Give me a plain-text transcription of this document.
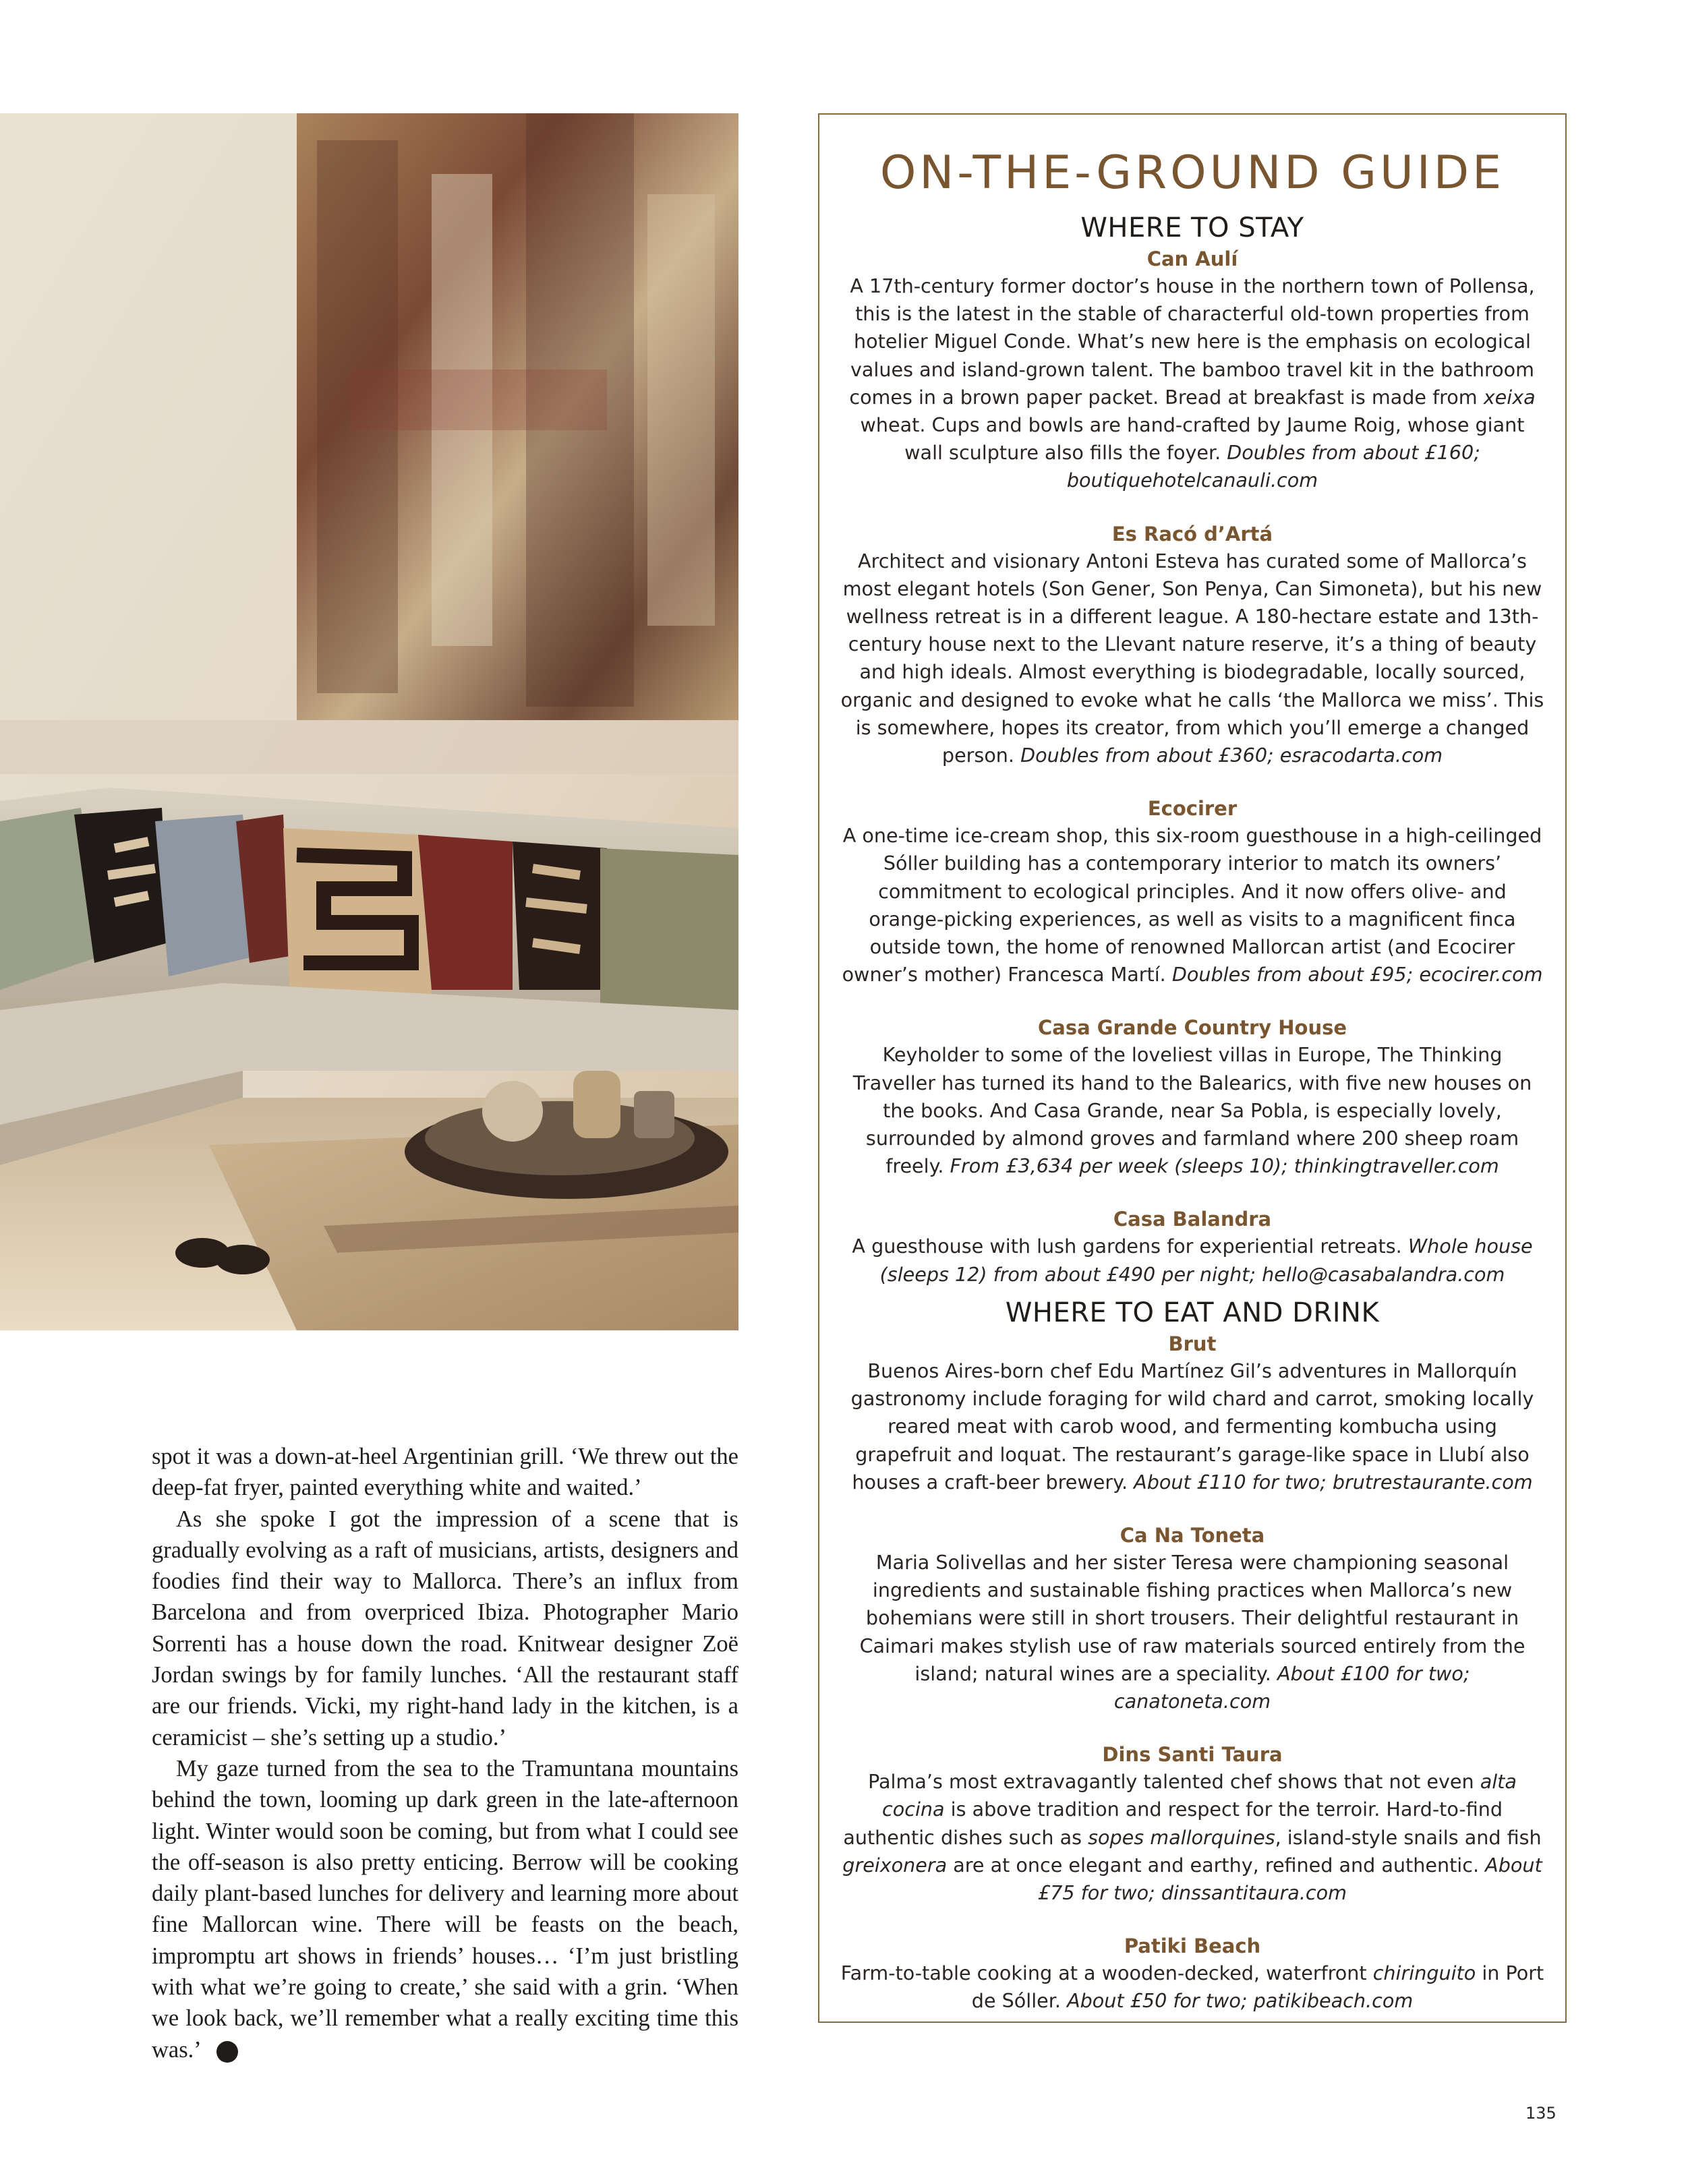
spot it was a down-at-heel Argentinian grill. ‘We threw out the deep-fat fryer, painted everything white and waited.’

As she spoke I got the impression of a scene that is gradually evolving as a raft of musicians, artists, designers and foodies find their way to Mallorca. There’s an influx from Barcelona and from overpriced Ibiza. Photographer Mario Sorrenti has a house down the road. Knitwear designer Zoë Jordan swings by for family lunches. ‘All the restaurant staff are our friends. Vicki, my right-hand lady in the kitchen, is a ceramicist – she’s setting up a studio.’

My gaze turned from the sea to the Tramuntana mountains behind the town, looming up dark green in the late-afternoon light. Winter would soon be coming, but from what I could see the off-season is also pretty enticing. Berrow will be cooking daily plant-based lunches for delivery and learning more about fine Mallorcan wine. There will be feasts on the beach, impromptu art shows in friends’ houses… ‘I’m just bristling with what we’re going to create,’ she said with a grin. ‘When we look back, we’ll remember what a really exciting time this was.’	T

ON-THE-GROUND GUIDE
WHERE TO STAY
Can Aulí
A 17th-century former doctor’s house in the northern town of Pollensa, this is the latest in the stable of characterful old-town properties from hotelier Miguel Conde. What’s new here is the emphasis on ecological values and island-grown talent. The bamboo travel kit in the bathroom comes in a brown paper packet. Bread at breakfast is made from xeixa wheat. Cups and bowls are hand-crafted by Jaume Roig, whose giant wall sculpture also fills the foyer. Doubles from about £160; boutiquehotelcanauli.com
Es Racó d’Artá
Architect and visionary Antoni Esteva has curated some of Mallorca’s most elegant hotels (Son Gener, Son Penya, Can Simoneta), but his new wellness retreat is in a different league. A 180-hectare estate and 13th-century house next to the Llevant nature reserve, it’s a thing of beauty and high ideals. Almost everything is biodegradable, locally sourced, organic and designed to evoke what he calls ‘the Mallorca we miss’. This is somewhere, hopes its creator, from which you’ll emerge a changed person. Doubles from about £360; esracodarta.com
Ecocirer
A one-time ice-cream shop, this six-room guesthouse in a high-ceilinged Sóller building has a contemporary interior to match its owners’ commitment to ecological principles. And it now offers olive- and orange-picking experiences, as well as visits to a magnificent finca outside town, the home of renowned Mallorcan artist (and Ecocirer owner’s mother) Francesca Martí. Doubles from about £95; ecocirer.com
Casa Grande Country House
Keyholder to some of the loveliest villas in Europe, The Thinking Traveller has turned its hand to the Balearics, with five new houses on the books. And Casa Grande, near Sa Pobla, is especially lovely, surrounded by almond groves and farmland where 200 sheep roam freely. From £3,634 per week (sleeps 10); thinkingtraveller.com
Casa Balandra
A guesthouse with lush gardens for experiential retreats. Whole house (sleeps 12) from about £490 per night; hello@casabalandra.com
WHERE TO EAT AND DRINK
Brut
Buenos Aires-born chef Edu Martínez Gil’s adventures in Mallorquín gastronomy include foraging for wild chard and carrot, smoking locally reared meat with carob wood, and fermenting kombucha using grapefruit and loquat. The restaurant’s garage-like space in Llubí also houses a craft-beer brewery. About £110 for two; brutrestaurante.com
Ca Na Toneta
Maria Solivellas and her sister Teresa were championing seasonal ingredients and sustainable fishing practices when Mallorca’s new bohemians were still in short trousers. Their delightful restaurant in Caimari makes stylish use of raw materials sourced entirely from the island; natural wines are a speciality. About £100 for two; canatoneta.com
Dins Santi Taura
Palma’s most extravagantly talented chef shows that not even alta cocina is above tradition and respect for the terroir. Hard-to-find authentic dishes such as sopes mallorquines, island-style snails and fish greixonera are at once elegant and earthy, refined and authentic. About £75 for two; dinssantitaura.com
Patiki Beach
Farm-to-table cooking at a wooden-decked, waterfront chiringuito in Port de Sóller. About £50 for two; patikibeach.com
135
